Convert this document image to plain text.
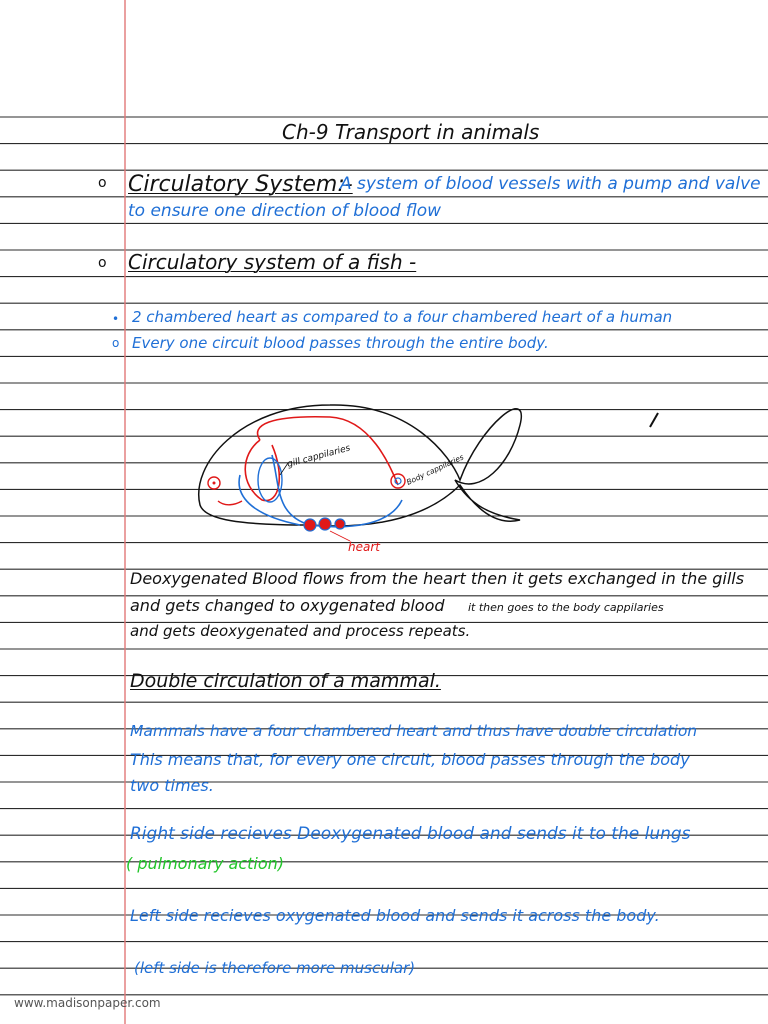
Ch-9 Transport in animals
o Circulatory System:-
A system of blood vessels with a pump and valve
to ensure one direction of blood flow
o Circulatory system of a fish -
• 2 chambered heart as compared to a four chambered heart of a human
o Every one circuit blood passes through the entire body.
gill cappilaries	Body cappilaries
heart
Deoxygenated Blood flows from the heart then it gets exchanged in the gills
and gets changed to oxygenated blood it then goes to the body cappilaries
and gets deoxygenated and process repeats.
Double circulation of a mammal.
Mammals have a four chambered heart and thus have double circulation
This means that, for every one circuit, blood passes through the body
two times.
Right side recieves Deoxygenated blood and sends it to the lungs
( pulmonary action)
Left side recieves oxygenated blood and sends it across the body.
(left side is therefore more muscular)
www.madisonpaper.com
